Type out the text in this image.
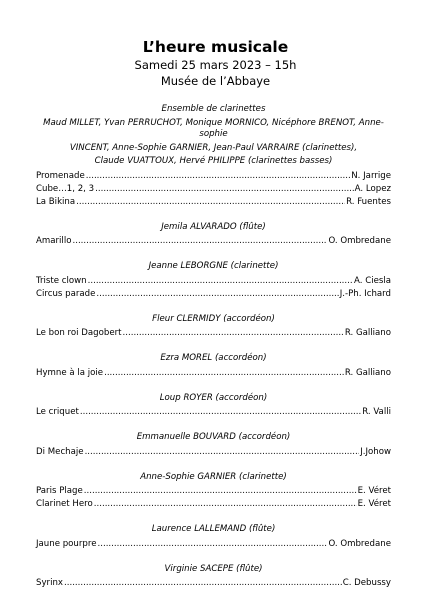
L’heure musicale
Samedi 25 mars 2023 – 15h
Musée de l’Abbaye
Ensemble de clarinettes
Maud MILLET, Yvan PERRUCHOT, Monique MORNICO, Nicéphore BRENOT, Anne-sophie
VINCENT, Anne-Sophie GARNIER, Jean-Paul VARRAIRE (clarinettes),
Claude VUATTOUX, Hervé PHILIPPE (clarinettes basses)
Promenade .....	N. Jarrige
Cube…1, 2, 3 .....	A. Lopez
La Bikina .....	R. Fuentes
Jemila ALVARADO (flûte)
Amarillo .....	O. Ombredane
Jeanne LEBORGNE (clarinette)
Triste clown .....	A. Ciesla
Circus parade .....	J.-Ph. Ichard
Fleur CLERMIDY (accordéon)
Le bon roi Dagobert .....	R. Galliano
Ezra MOREL (accordéon)
Hymne à la joie .....	R. Galliano
Loup ROYER (accordéon)
Le criquet .....	R. Valli
Emmanuelle BOUVARD (accordéon)
Di Mechaje .....	J.Johow
Anne-Sophie GARNIER (clarinette)
Paris Plage .....	E. Véret
Clarinet Hero .....	E. Véret
Laurence LALLEMAND (flûte)
Jaune pourpre .....	O. Ombredane
Virginie SACEPE (flûte)
Syrinx .....	C. Debussy
